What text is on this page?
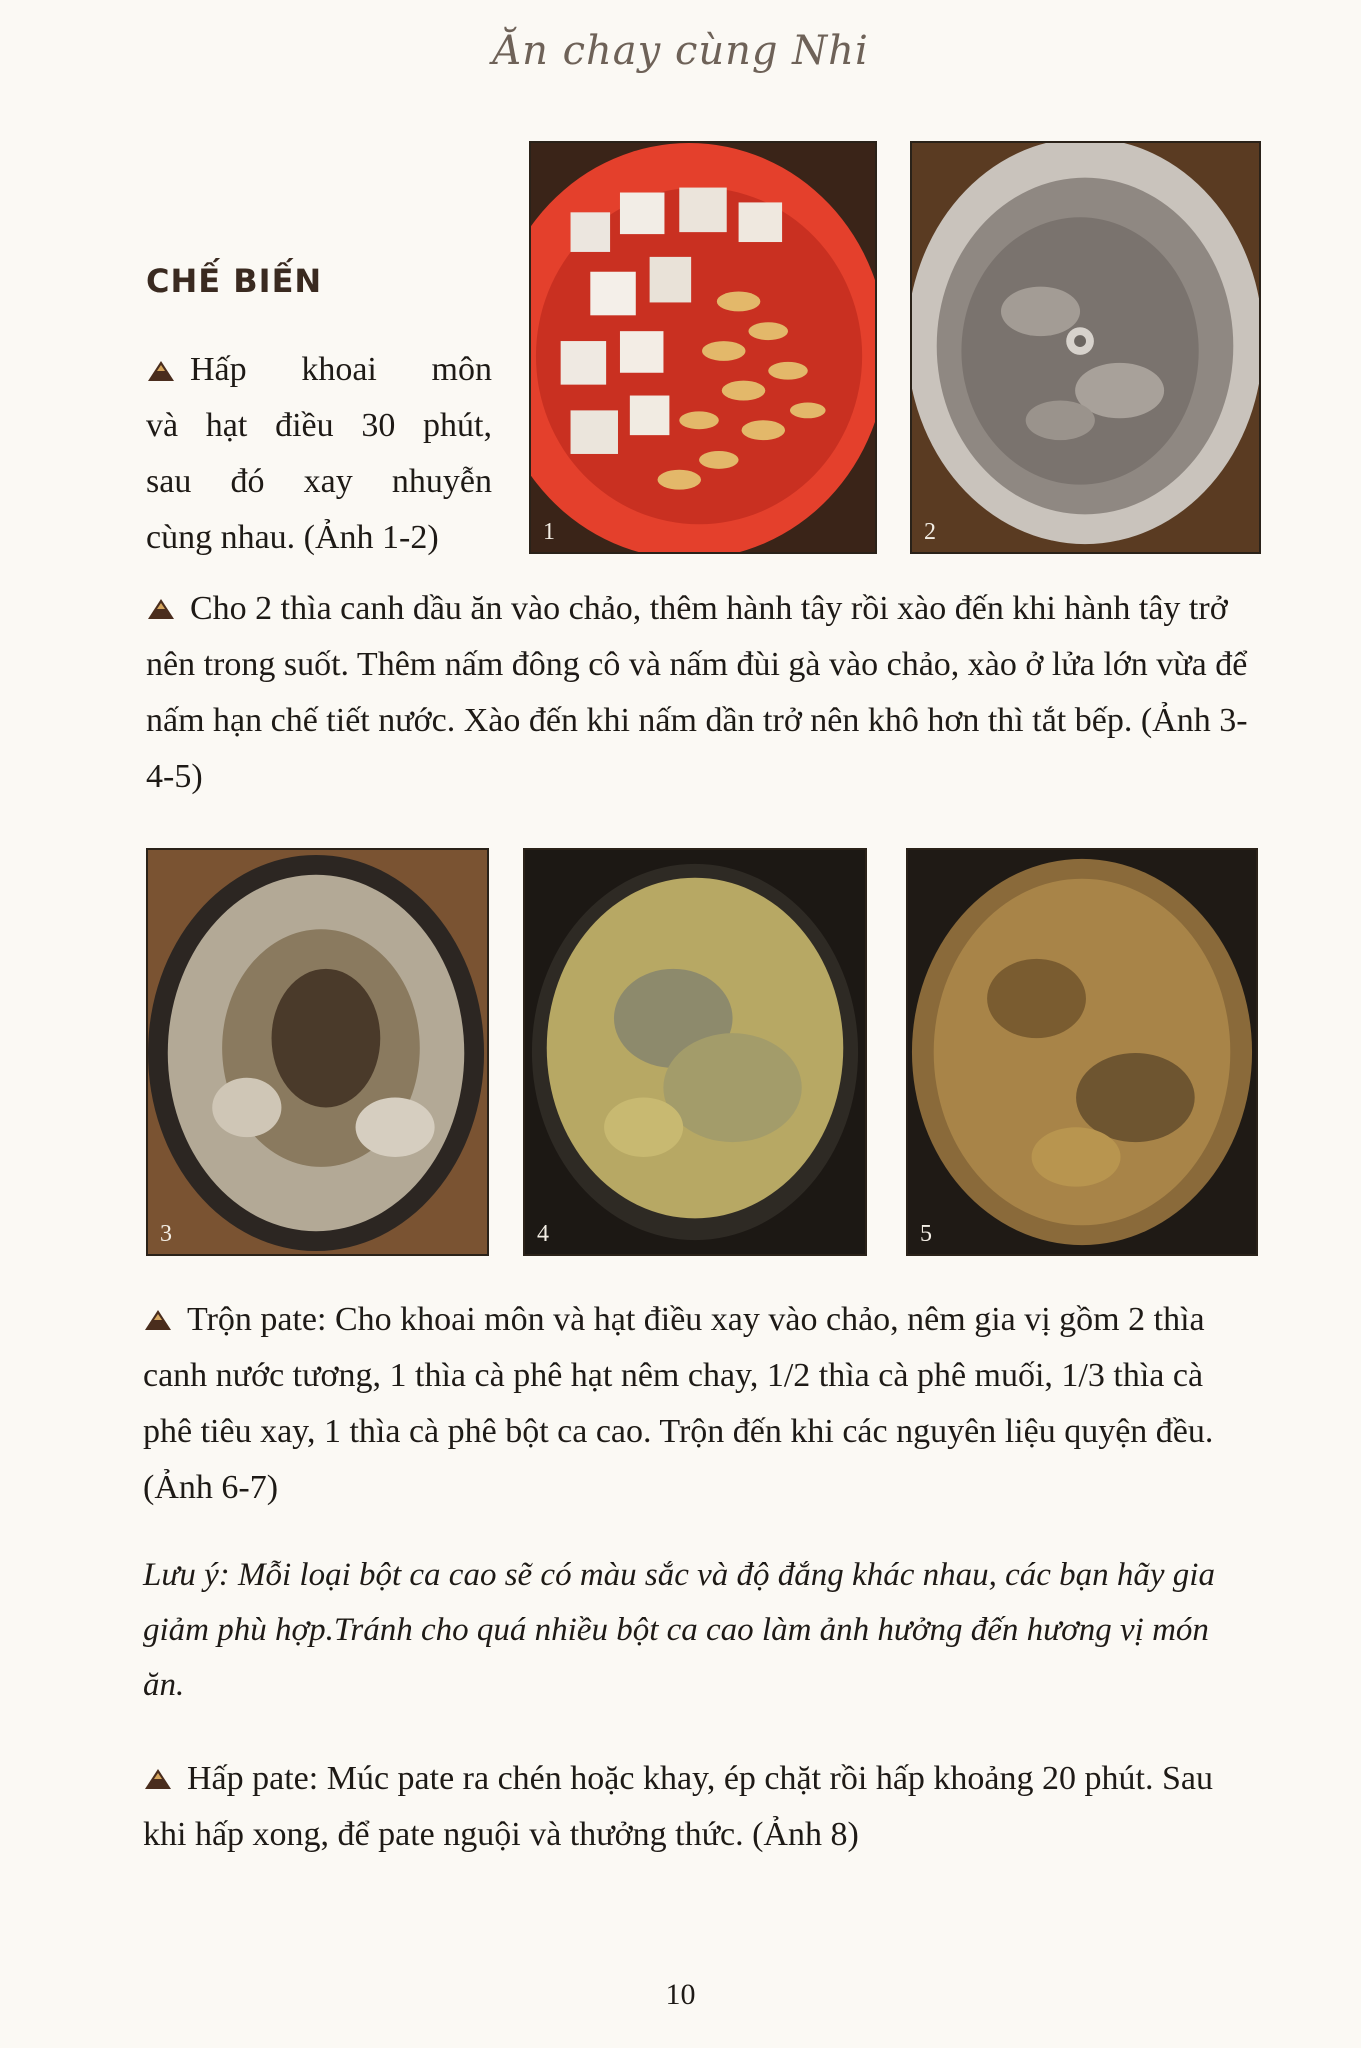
Ăn chay cùng Nhi
1	2
CHẾ BIẾN
Hấp khoai môn
và hạt điều 30 phút,
sau đó xay nhuyễn
cùng nhau. (Ảnh 1-2)

Cho 2 thìa canh dầu ăn vào chảo, thêm hành tây rồi xào đến khi hành tây trở nên trong suốt. Thêm nấm đông cô và nấm đùi gà vào chảo, xào ở lửa lớn vừa để nấm hạn chế tiết nước. Xào đến khi nấm dần trở nên khô hơn thì tắt bếp. (Ảnh 3-4-5)

3	4	5

Trộn pate: Cho khoai môn và hạt điều xay vào chảo, nêm gia vị gồm 2 thìa canh nước tương, 1 thìa cà phê hạt nêm chay, 1/2 thìa cà phê muối, 1/3 thìa cà phê tiêu xay, 1 thìa cà phê bột ca cao. Trộn đến khi các nguyên liệu quyện đều. (Ảnh 6-7)

Lưu ý: Mỗi loại bột ca cao sẽ có màu sắc và độ đắng khác nhau, các bạn hãy gia giảm phù hợp.Tránh cho quá nhiều bột ca cao làm ảnh hưởng đến hương vị món ăn.

Hấp pate: Múc pate ra chén hoặc khay, ép chặt rồi hấp khoảng 20 phút. Sau khi hấp xong, để pate nguội và thưởng thức. (Ảnh 8)

10
